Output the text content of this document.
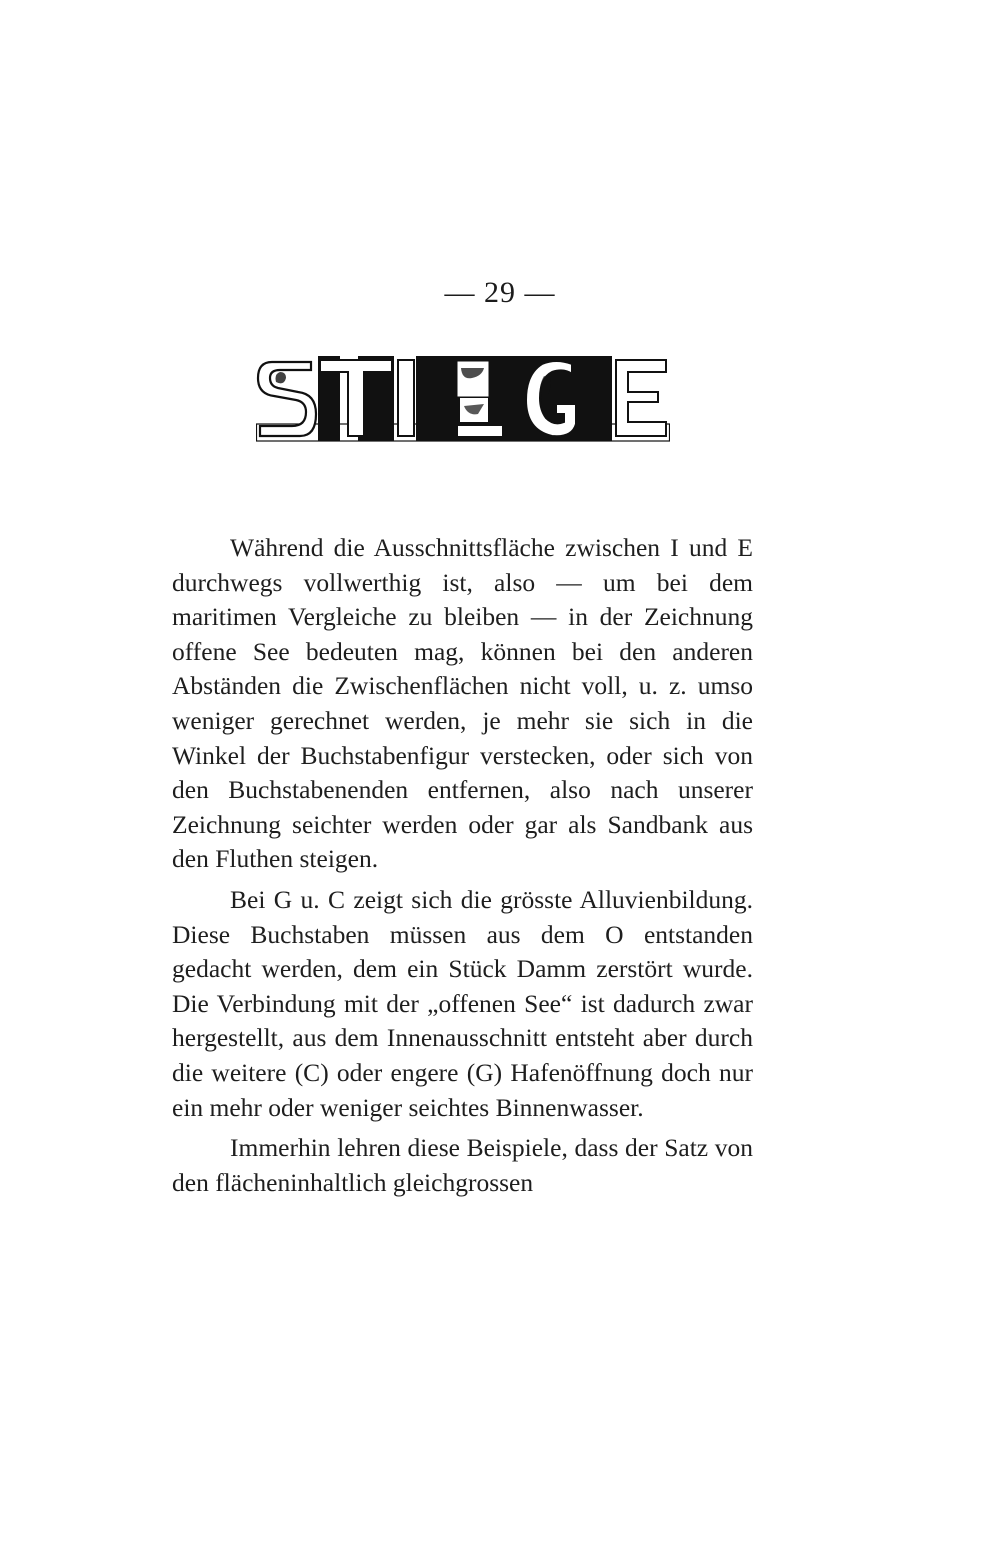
— 29 —

Während die Ausschnittsfläche zwischen I und E durchwegs vollwerthig ist, also — um bei dem maritimen Vergleiche zu bleiben — in der Zeichnung offene See bedeuten mag, können bei den anderen Abständen die Zwischenflächen nicht voll, u. z. umso weniger gerechnet werden, je mehr sie sich in die Winkel der Buchstabenfigur verstecken, oder sich von den Buchstabenenden entfernen, also nach unserer Zeichnung seichter werden oder gar als Sandbank aus den Fluthen steigen.

Bei G u. C zeigt sich die grösste Alluvienbildung. Diese Buchstaben müssen aus dem O entstanden gedacht werden, dem ein Stück Damm zerstört wurde. Die Verbindung mit der „offenen See“ ist dadurch zwar hergestellt, aus dem Innenausschnitt entsteht aber durch die weitere (C) oder engere (G) Hafenöffnung doch nur ein mehr oder weniger seichtes Binnenwasser.

Immerhin lehren diese Beispiele, dass der Satz von den flächeninhaltlich gleichgrossen
